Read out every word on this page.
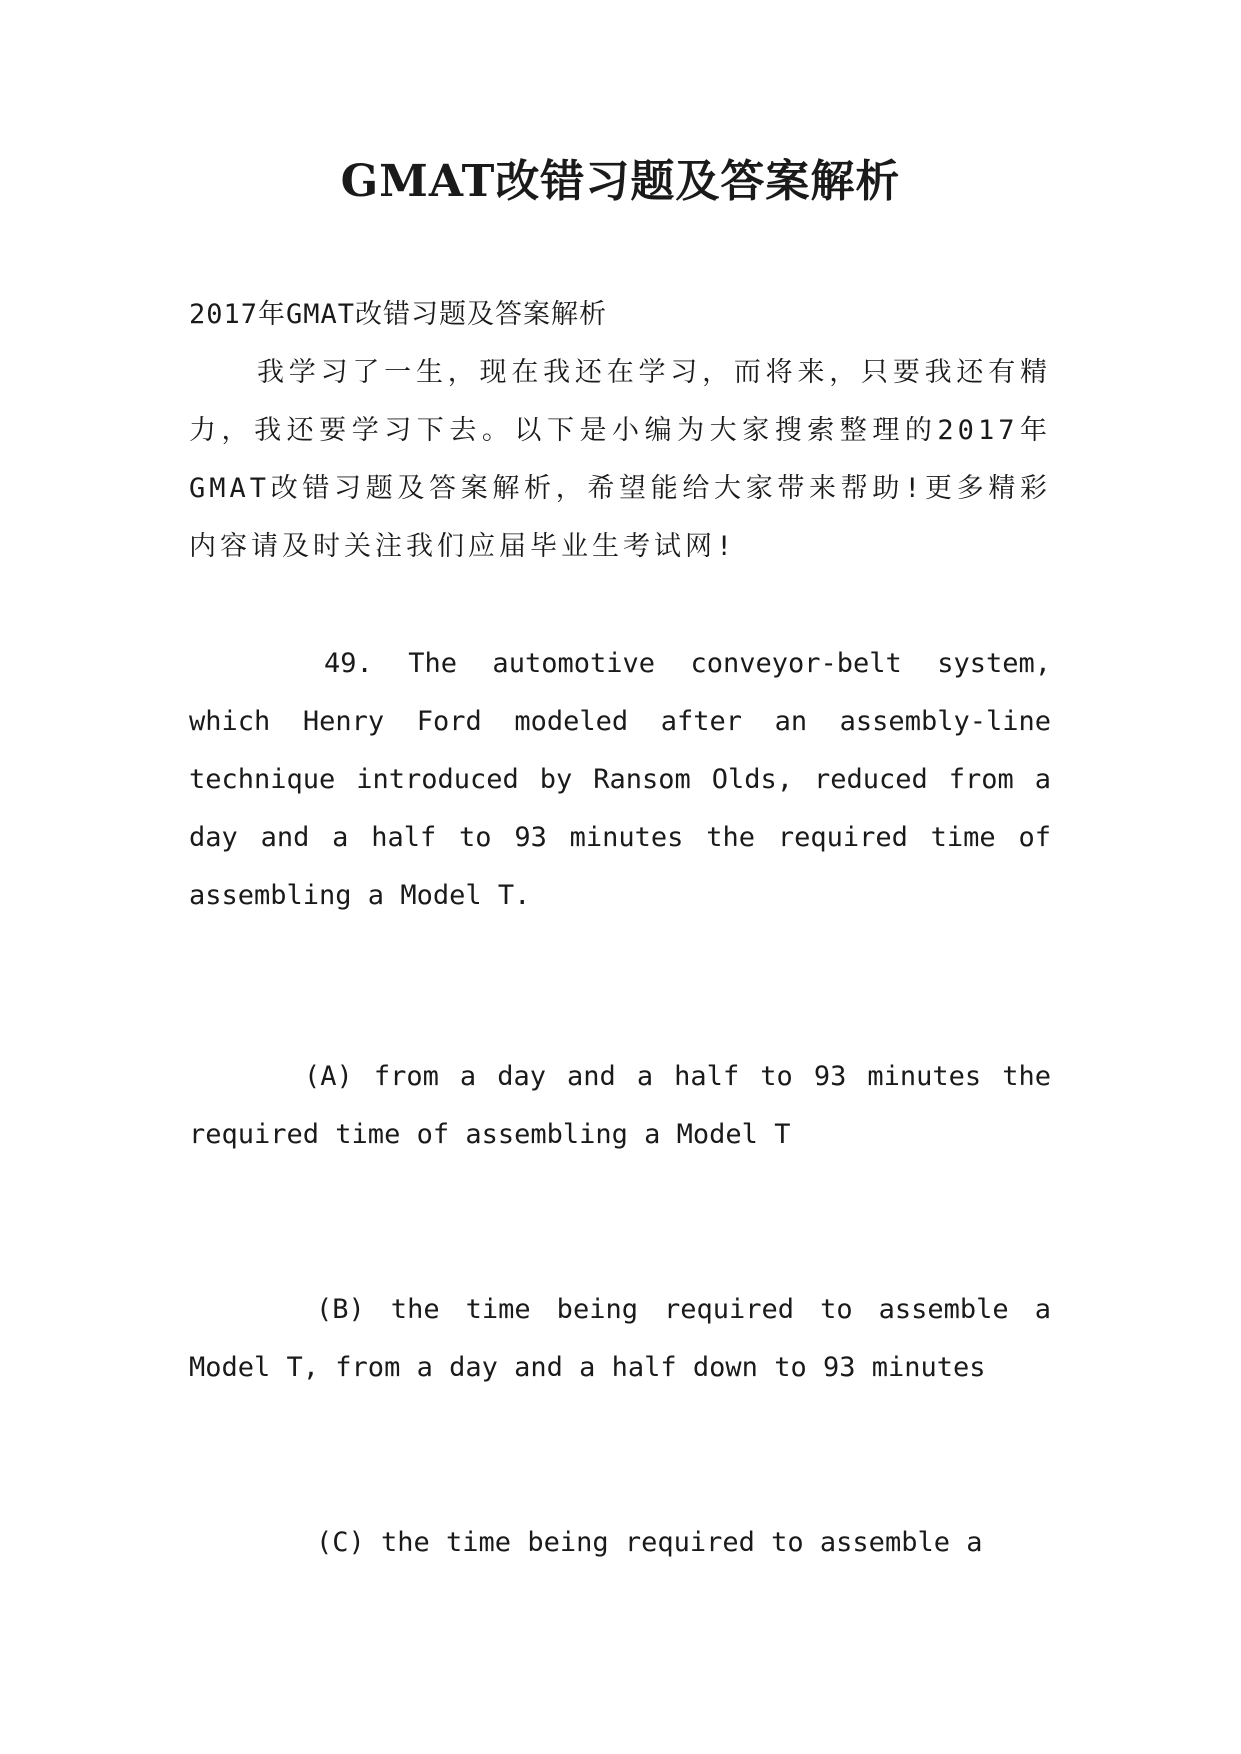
GMAT改错习题及答案解析

2017年GMAT改错习题及答案解析

我学习了一生，现在我还在学习，而将来，只要我还有精力，我还要学习下去。以下是小编为大家搜索整理的2017年GMAT改错习题及答案解析，希望能给大家带来帮助!更多精彩内容请及时关注我们应届毕业生考试网!

49. The automotive conveyor-belt system, which Henry Ford modeled after an assembly-line technique introduced by Ransom Olds, reduced from a day and a half to 93 minutes the required time of assembling a Model T.

(A) from a day and a half to 93 minutes the required time of assembling a Model T

(B) the time being required to assemble a Model T, from a day and a half down to 93 minutes

(C) the time being required to assemble a
